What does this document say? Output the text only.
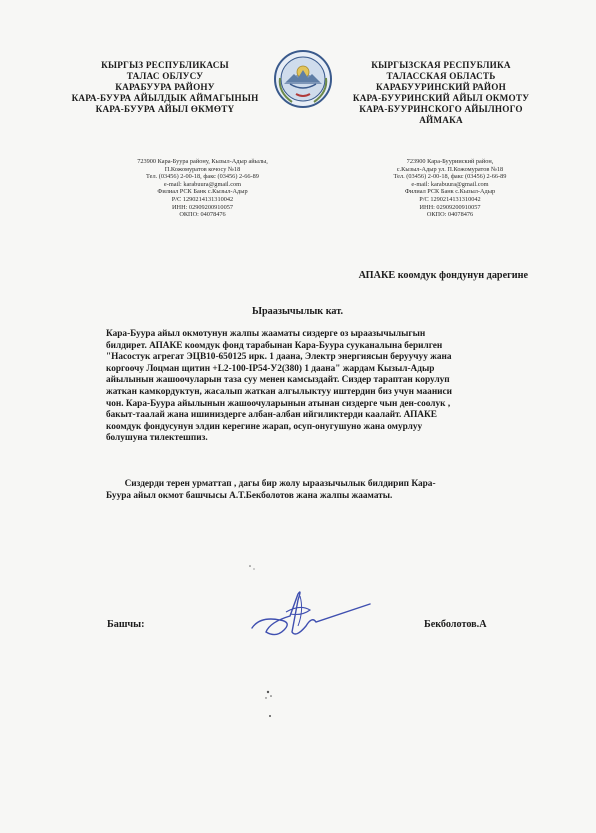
КЫРГЫЗ РЕСПУБЛИКАСЫ
ТАЛАС ОБЛУСУ
КАРАБУУРА РАЙОНУ
КАРА-БУУРА АЙЫЛДЫК АЙМАГЫНЫН
КАРА-БУУРА АЙЫЛ ӨКМӨТҮ
КЫРГЫЗСКАЯ РЕСПУБЛИКА
ТАЛАССКАЯ ОБЛАСТЬ
КАРАБУУРИНСКИЙ РАЙОН
КАРА-БУУРИНСКИЙ АЙЫЛ ОКМОТУ
КАРА-БУУРИНСКОГО АЙЫЛНОГО
АЙМАКА
723900 Кара-Буура району, Кызыл-Адыр айылы,
П.Кожомуратов кочосу №18
Тел. (03456) 2-00-18, факс (03456) 2-66-89
e-mail: karabuura@gmail.com
Филиал РСК Банк с.Кызыл-Адыр
Р/С 1290214131310042
ИНН: 02909200910057
ОКПО: 04078476
723900 Кара-Буурииский район,
с.Кызыл-Адыр ул. П.Кожомуратов №18
Тел. (03456) 2-00-18, факс (03456) 2-66-89
e-mail: karabuura@gmail.com
Филиал РСК Банк с.Кызыл-Адыр
Р/С 1290214131310042
ИНН: 02909200910057
ОКПО: 04078476
АПАКЕ коомдук фондунун дарегине
Ыраазычылык кат.
Кара-Буура айыл окмотунун жалпы жааматы сиздерге оз ыраазычылыгын
билдирет. АПАКЕ коомдук фонд тарабынан Кара-Буура сууканалына берилген
"Насостук агрегат ЭЦВ10-650125 ирк. 1 даана, Электр энергиясын беруучуу жана
коргоочу Лоцман щитин +L2-100-IP54-У2(380) 1 даана" жардам Кызыл-Адыр
айылынын жашоочуларын таза суу менен камсыздайт. Сиздер тарaптан корулуп
жаткан камкордуктун, жасалып жаткан алгылыктуу иштердин биз учун маaниси
чон. Кара-Буура айылынын жашоочуларынын атынан сиздерге чын ден-соолук ,
бакыт-таалай жана ишиниздерге албан-албан ийгиликтерди каалайт. АПАКЕ
коомдук фондусунун элдин керегине жарап, осуп-онугушуно жана омурлуу
болушуна тилектешпиз.
Сиздерди терен урматтап , дагы бир жолу ыраазычылык билдирип Кара-
Буура айыл окмот башчысы А.Т.Бекболотов жана жалпы жааматы.
Башчы:	Бекболотов.А
